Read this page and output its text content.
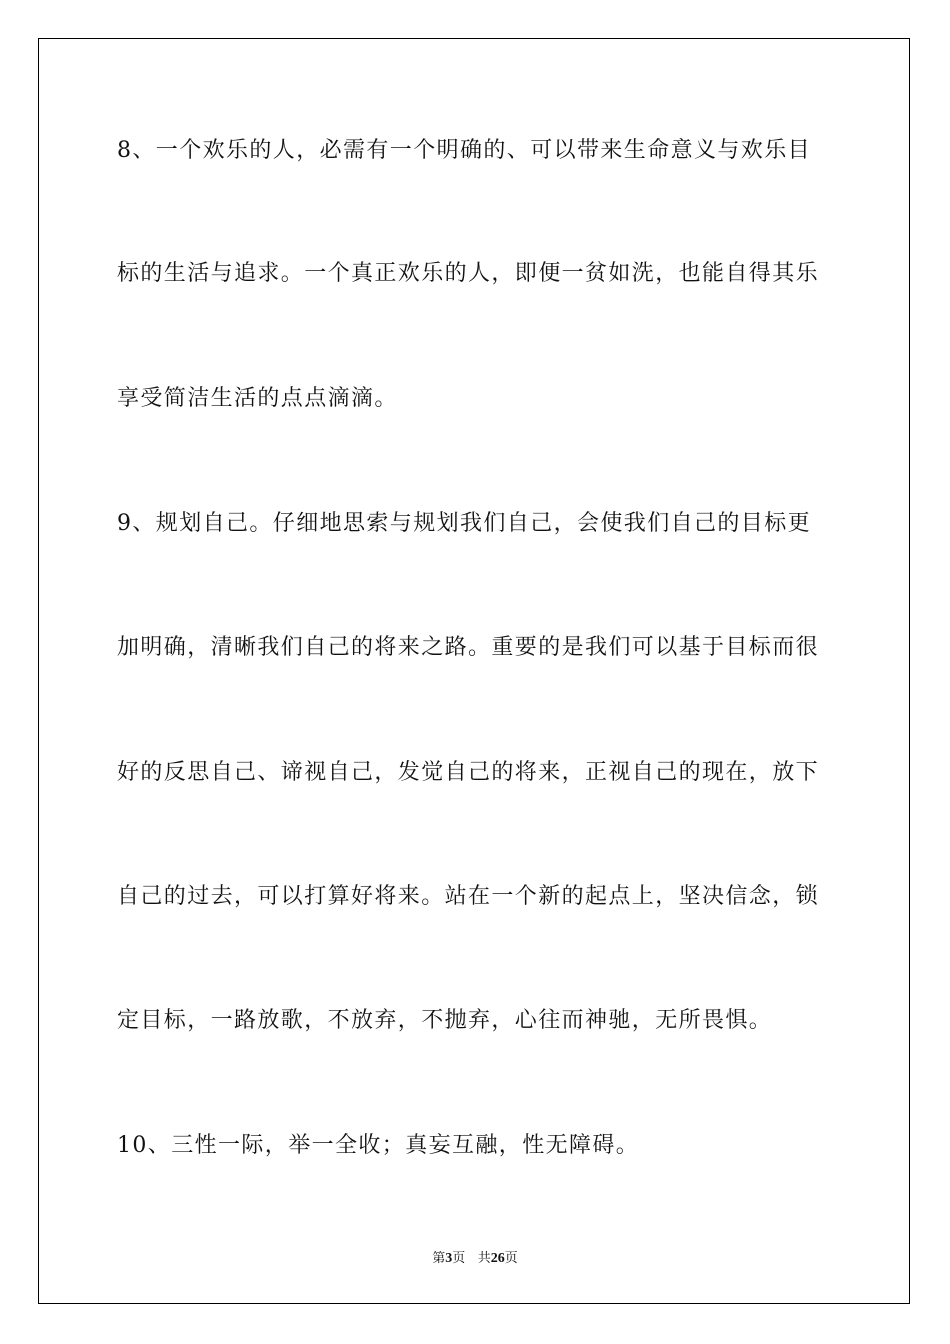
8、一个欢乐的人，必需有一个明确的、可以带来生命意义与欢乐目
标的生活与追求。一个真正欢乐的人，即便一贫如洗，也能自得其乐
享受简洁生活的点点滴滴。
9、规划自己。仔细地思索与规划我们自己，会使我们自己的目标更
加明确，清晰我们自己的将来之路。重要的是我们可以基于目标而很
好的反思自己、谛视自己，发觉自己的将来，正视自己的现在，放下
自己的过去，可以打算好将来。站在一个新的起点上，坚决信念，锁
定目标，一路放歌，不放弃，不抛弃，心往而神驰，无所畏惧。
10、三性一际，举一全收；真妄互融，性无障碍。
第3页 共26页
